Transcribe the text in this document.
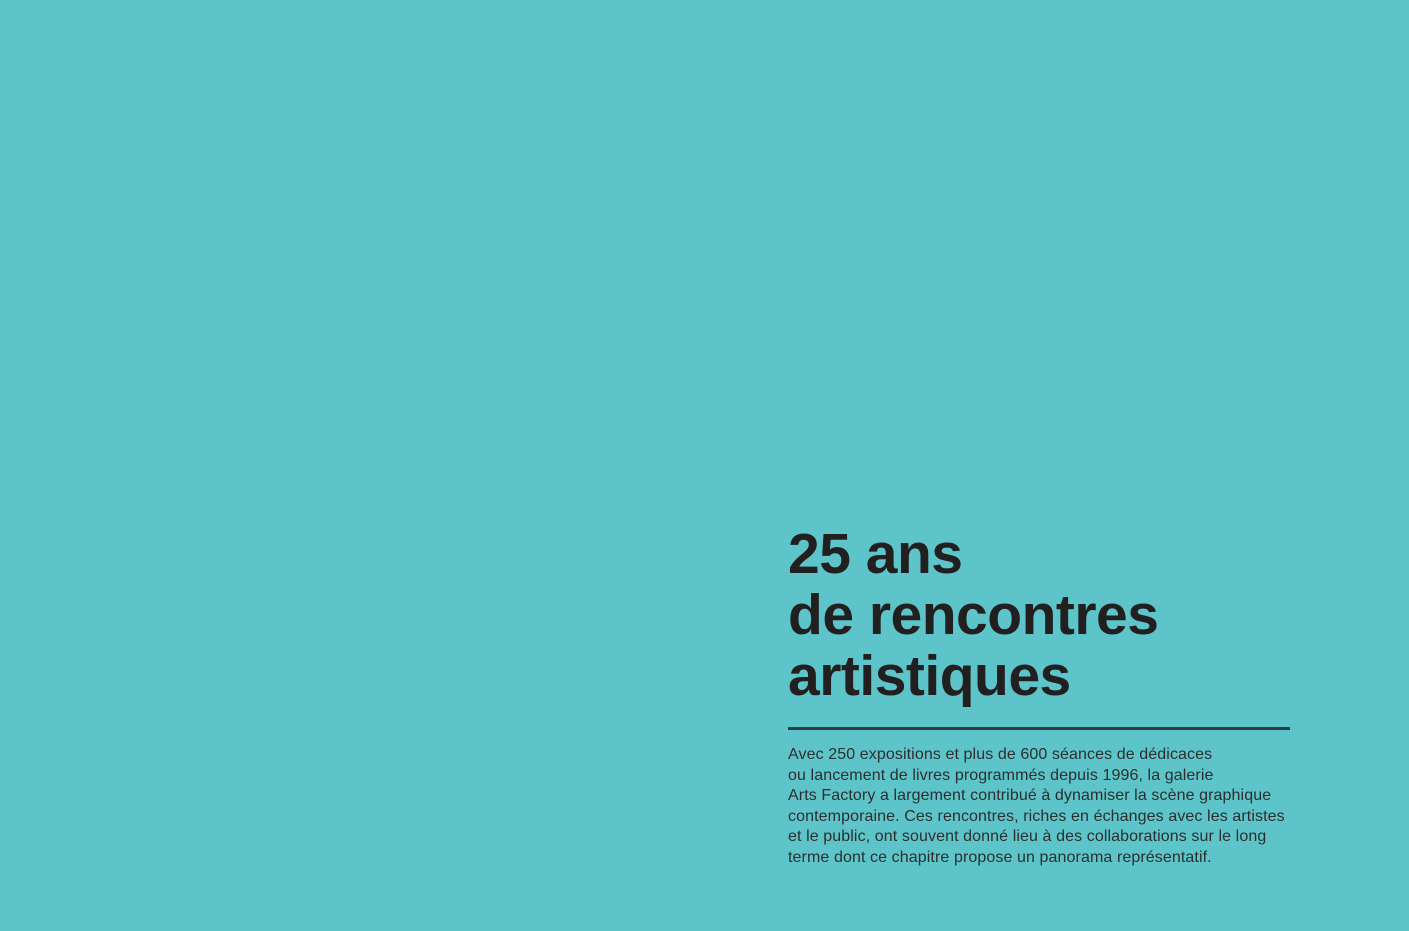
25 ans
de rencontres
artistiques
Avec 250 expositions et plus de 600 séances de dédicaces
ou lancement de livres programmés depuis 1996, la galerie
Arts Factory a largement contribué à dynamiser la scène graphique
contemporaine. Ces rencontres, riches en échanges avec les artistes
et le public, ont souvent donné lieu à des collaborations sur le long
terme dont ce chapitre propose un panorama représentatif.
